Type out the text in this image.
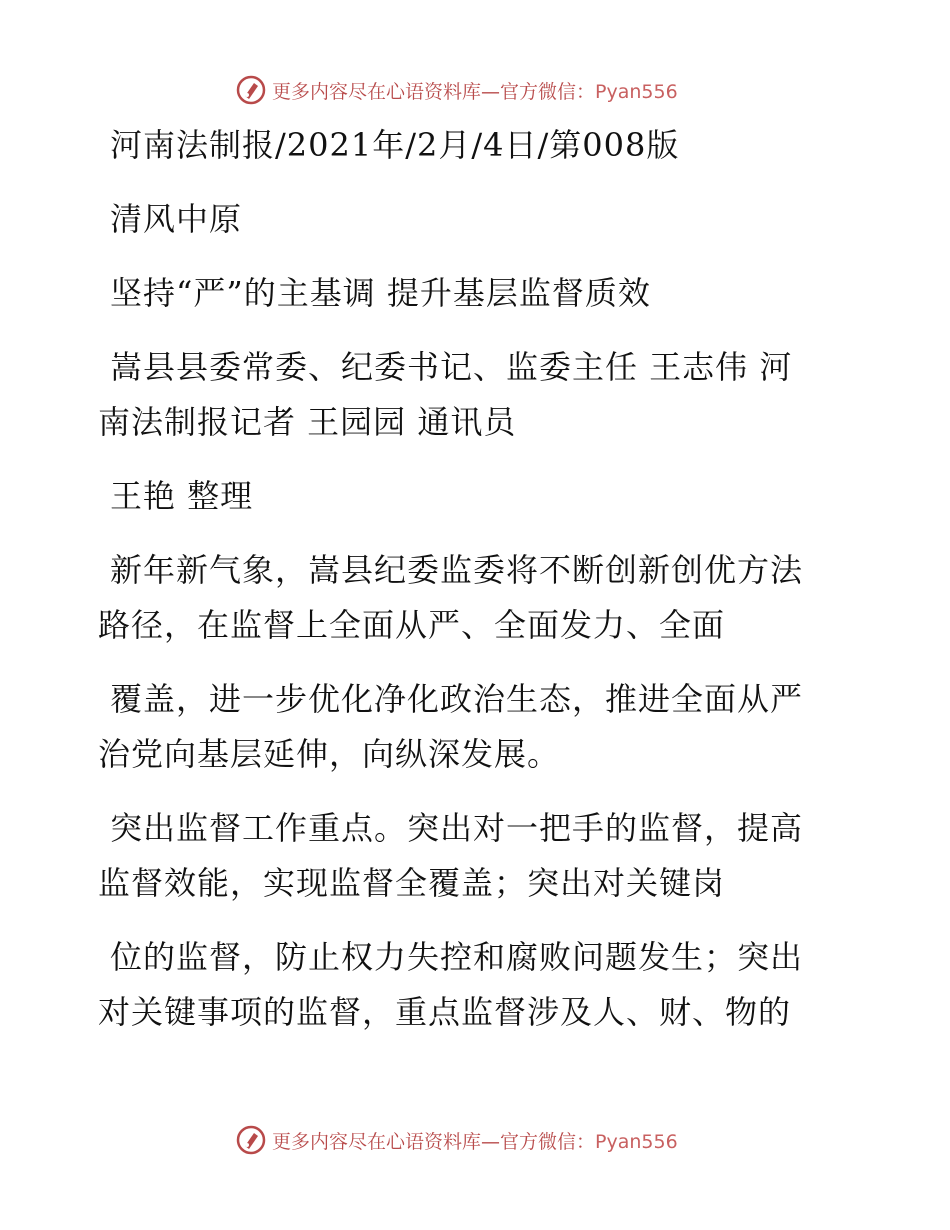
更多内容尽在心语资料库—官方微信：Pyan556
河南法制报/2021年/2月/4日/第008版
清风中原
坚持“严”的主基调 提升基层监督质效
嵩县县委常委、纪委书记、监委主任 王志伟 河
南法制报记者 王园园 通讯员
王艳 整理
新年新气象，嵩县纪委监委将不断创新创优方法
路径，在监督上全面从严、全面发力、全面
覆盖，进一步优化净化政治生态，推进全面从严
治党向基层延伸，向纵深发展。
突出监督工作重点。突出对一把手的监督，提高
监督效能，实现监督全覆盖；突出对关键岗
位的监督，防止权力失控和腐败问题发生；突出
对关键事项的监督，重点监督涉及人、财、物的
更多内容尽在心语资料库—官方微信：Pyan556
